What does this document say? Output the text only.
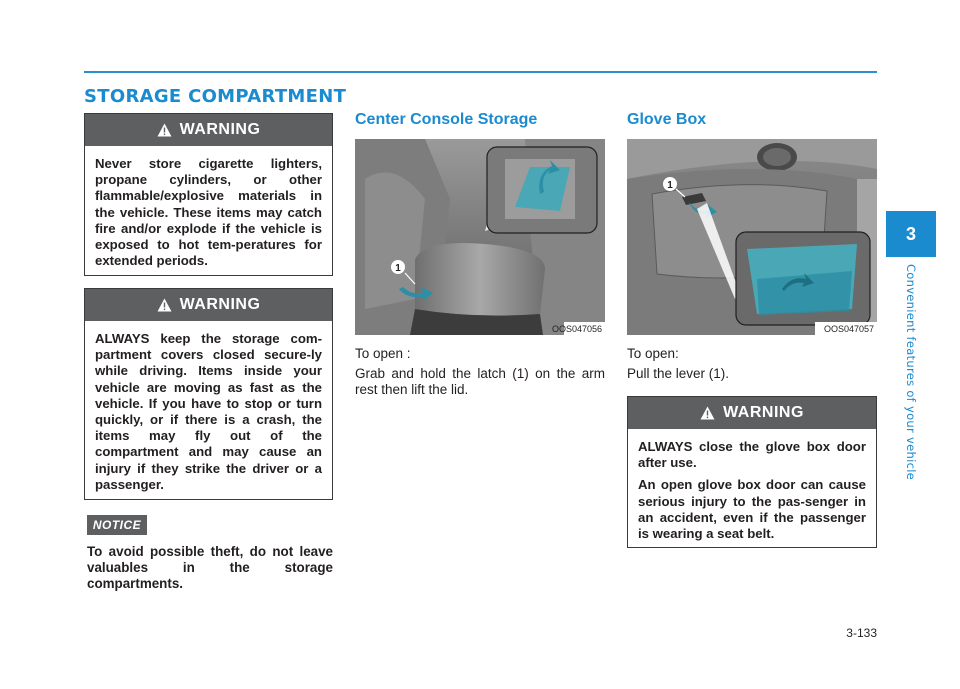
STORAGE COMPARTMENT
WARNING

Never store cigarette lighters, propane cylinders, or other flammable/explosive materials in the vehicle. These items may catch fire and/or explode if the vehicle is exposed to hot tem-peratures for extended periods.

WARNING

ALWAYS keep the storage com-partment covers closed secure-ly while driving. Items inside your vehicle are moving as fast as the vehicle. If you have to stop or turn quickly, or if there is a crash, the items may fly out of the compartment and may cause an injury if they strike the driver or a passenger.

NOTICE
To avoid possible theft, do not leave valuables in the storage compartments.
Center Console Storage
1
OOS047056
To open :
Grab and hold the latch (1) on the arm rest then lift the lid.
Glove Box
1
OOS047057
To open:
Pull the lever (1).
WARNING

ALWAYS close the glove box door after use.

An open glove box door can cause serious injury to the pas-senger in an accident, even if the passenger is wearing a seat belt.

3
Convenient features of your vehicle
3-133
